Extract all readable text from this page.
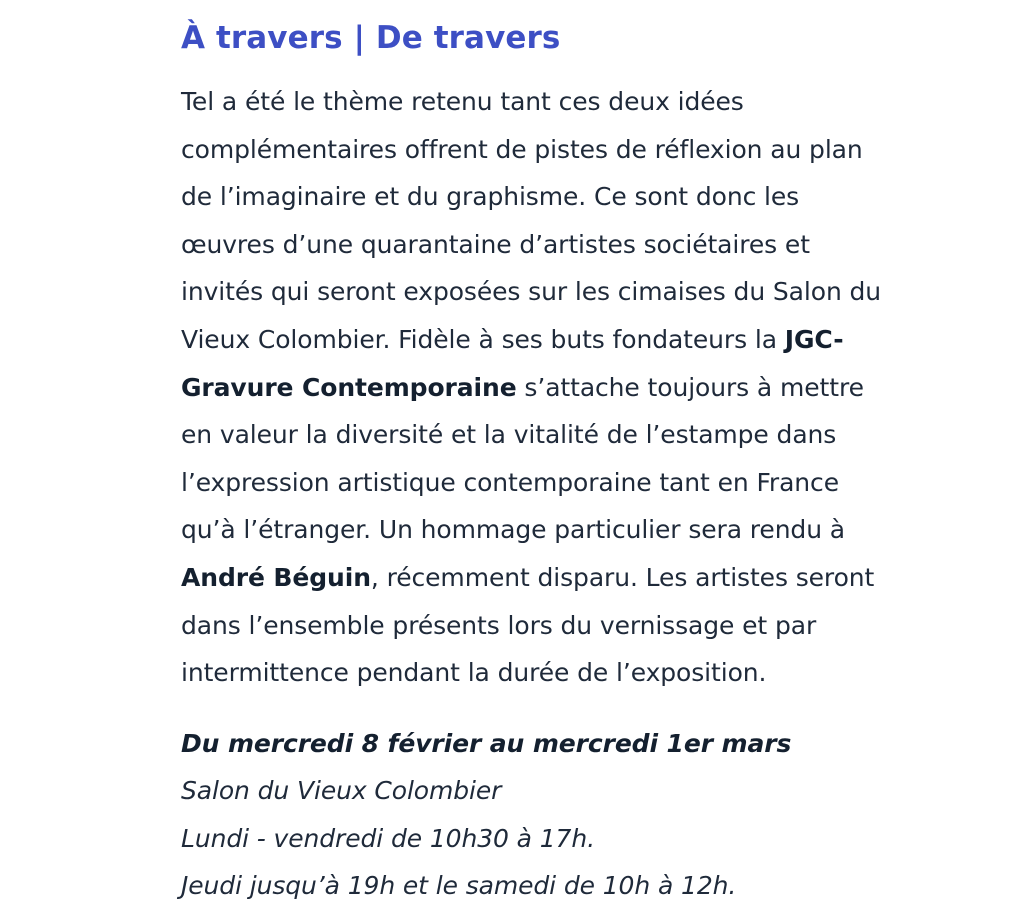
À travers | De travers

Tel a été le thème retenu tant ces deux idées
complémentaires offrent de pistes de réflexion au plan
de l’imaginaire et du graphisme. Ce sont donc les
œuvres d’une quarantaine d’artistes sociétaires et
invités qui seront exposées sur les cimaises du Salon du
Vieux Colombier. Fidèle à ses buts fondateurs la JGC-
Gravure Contemporaine s’attache toujours à mettre
en valeur la diversité et la vitalité de l’estampe dans
l’expression artistique contemporaine tant en France
qu’à l’étranger. Un hommage particulier sera rendu à
André Béguin, récemment disparu. Les artistes seront
dans l’ensemble présents lors du vernissage et par
intermittence pendant la durée de l’exposition.

Du mercredi 8 février au mercredi 1er mars
Salon du Vieux Colombier
Lundi - vendredi de 10h30 à 17h.
Jeudi jusqu’à 19h et le samedi de 10h à 12h.
